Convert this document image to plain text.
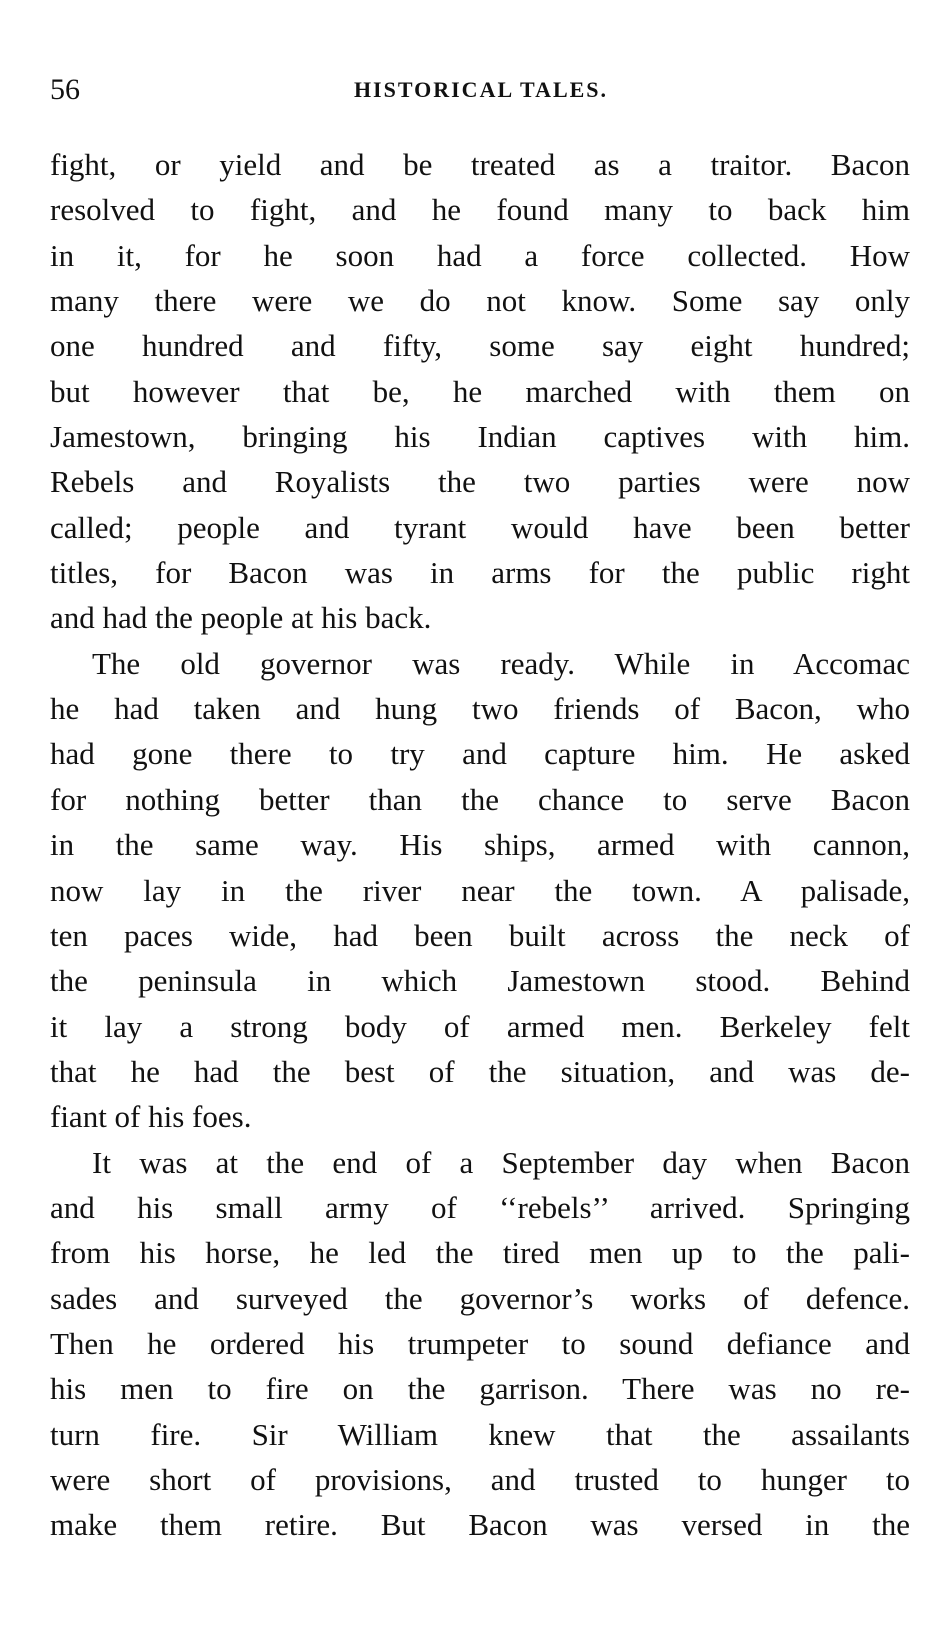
56	HISTORICAL TALES.
fight, or yield and be treated as a traitor. Bacon
resolved to fight, and he found many to back him
in it, for he soon had a force collected. How
many there were we do not know. Some say only
one hundred and fifty, some say eight hundred;
but however that be, he marched with them on
Jamestown, bringing his Indian captives with him.
Rebels and Royalists the two parties were now
called; people and tyrant would have been better
titles, for Bacon was in arms for the public right
and had the people at his back.
The old governor was ready. While in Accomac
he had taken and hung two friends of Bacon, who
had gone there to try and capture him. He asked
for nothing better than the chance to serve Bacon
in the same way. His ships, armed with cannon,
now lay in the river near the town. A palisade,
ten paces wide, had been built across the neck of
the peninsula in which Jamestown stood. Behind
it lay a strong body of armed men. Berkeley felt
that he had the best of the situation, and was de-
fiant of his foes.
It was at the end of a September day when Bacon
and his small army of ‘‘rebels’’ arrived. Springing
from his horse, he led the tired men up to the pali-
sades and surveyed the governor’s works of defence.
Then he ordered his trumpeter to sound defiance and
his men to fire on the garrison. There was no re-
turn fire. Sir William knew that the assailants
were short of provisions, and trusted to hunger to
make them retire. But Bacon was versed in the
